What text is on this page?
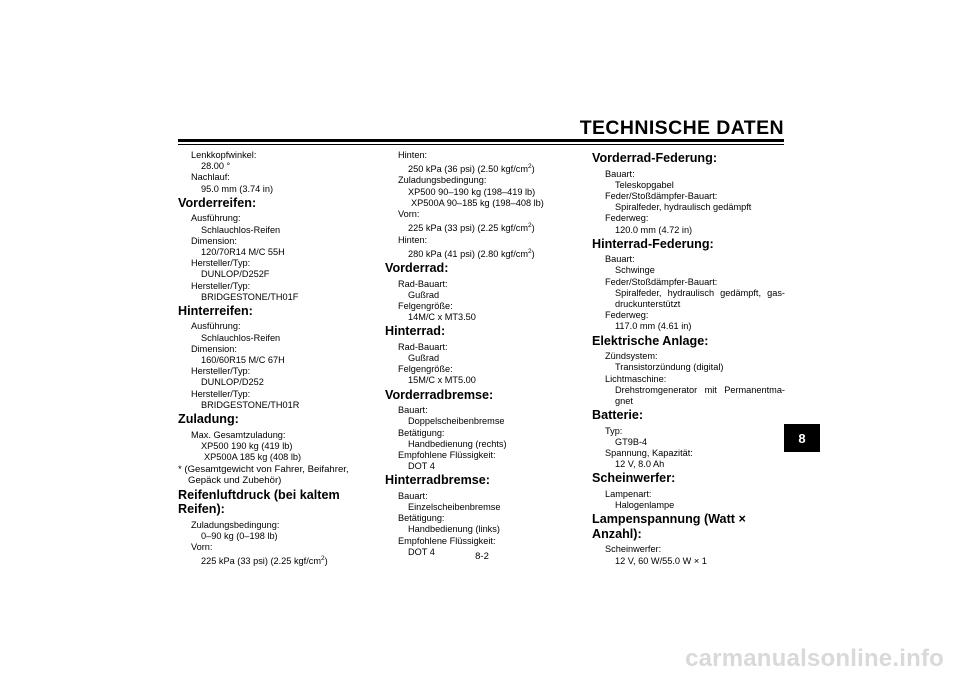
TECHNISCHE DATEN
8
Lenkkopfwinkel:
28.00 °
Nachlauf:
95.0 mm (3.74 in)
Vorderreifen:
Ausführung:
Schlauchlos-Reifen
Dimension:
120/70R14 M/C 55H
Hersteller/Typ:
DUNLOP/D252F
Hersteller/Typ:
BRIDGESTONE/TH01F
Hinterreifen:
Ausführung:
Schlauchlos-Reifen
Dimension:
160/60R15 M/C 67H
Hersteller/Typ:
DUNLOP/D252
Hersteller/Typ:
BRIDGESTONE/TH01R
Zuladung:
Max. Gesamtzuladung:
XP500 190 kg (419 lb)
XP500A 185 kg (408 lb)
* (Gesamtgewicht von Fahrer, Beifahrer,
Gepäck und Zubehör)
Reifenluftdruck (bei kaltem Reifen):
Zuladungsbedingung:
0–90 kg (0–198 lb)
Vorn:
225 kPa (33 psi) (2.25 kgf/$cm^2$)
Hinten:
250 kPa (36 psi) (2.50 kgf/$cm^2$)
Zuladungsbedingung:
XP500 90–190 kg (198–419 lb)
XP500A 90–185 kg (198–408 lb)
Vorn:
225 kPa (33 psi) (2.25 kgf/$cm^2$)
Hinten:
280 kPa (41 psi) (2.80 kgf/$cm^2$)
Vorderrad:
Rad-Bauart:
Gußrad
Felgengröße:
14M/C x MT3.50
Hinterrad:
Rad-Bauart:
Gußrad
Felgengröße:
15M/C x MT5.00
Vorderradbremse:
Bauart:
Doppelscheibenbremse
Betätigung:
Handbedienung (rechts)
Empfohlene Flüssigkeit:
DOT 4
Hinterradbremse:
Bauart:
Einzelscheibenbremse
Betätigung:
Handbedienung (links)
Empfohlene Flüssigkeit:
DOT 4
Vorderrad-Federung:
Bauart:
Teleskopgabel
Feder/Stoßdämpfer-Bauart:
Spiralfeder, hydraulisch gedämpft
Federweg:
120.0 mm (4.72 in)
Hinterrad-Federung:
Bauart:
Schwinge
Feder/Stoßdämpfer-Bauart:
Spiralfeder, hydraulisch gedämpft, gas-
druckunterstützt
Federweg:
117.0 mm (4.61 in)
Elektrische Anlage:
Zündsystem:
Transistorzündung (digital)
Lichtmaschine:
Drehstromgenerator mit Permanentma-
gnet
Batterie:
Typ:
GT9B-4
Spannung, Kapazität:
12 V, 8.0 Ah
Scheinwerfer:
Lampenart:
Halogenlampe
Lampenspannung (Watt × Anzahl):
Scheinwerfer:
12 V, 60 W/55.0 W × 1
8-2
carmanualsonline.info
